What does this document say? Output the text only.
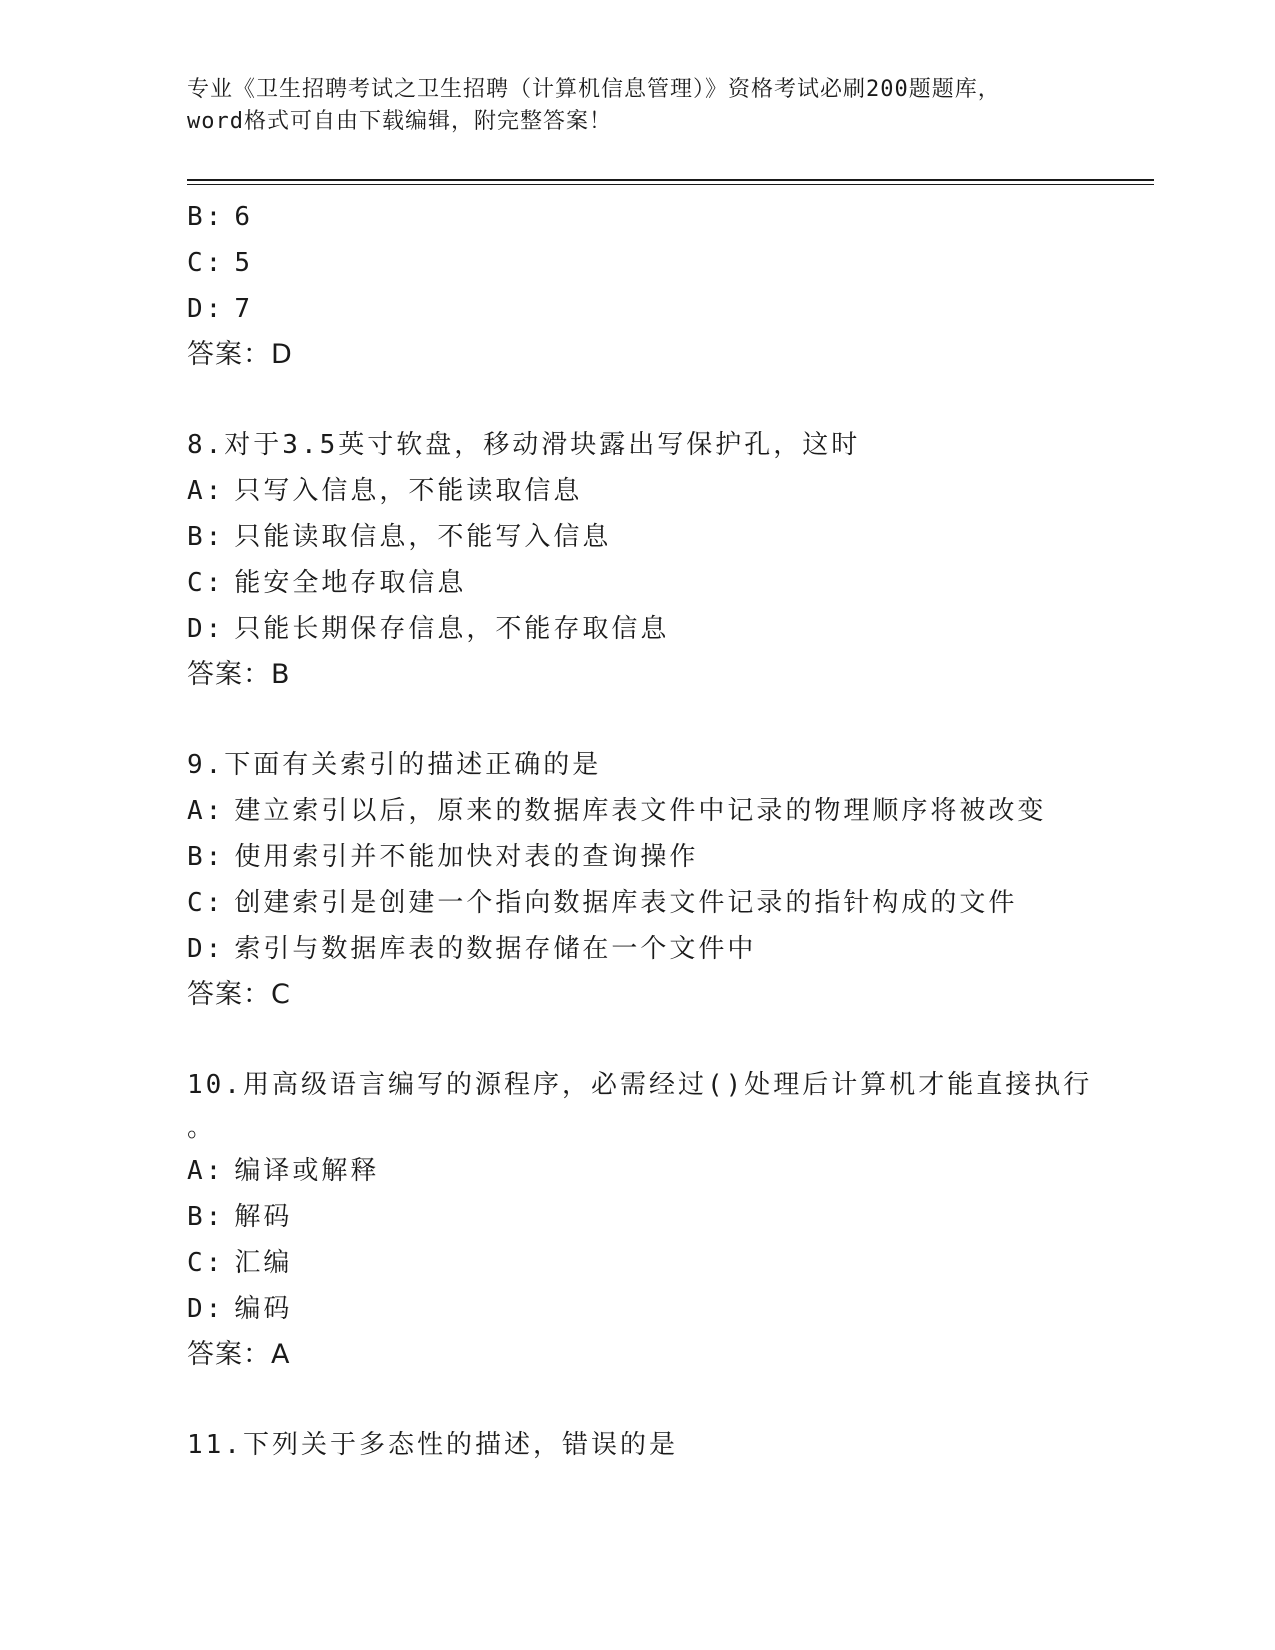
专业《卫生招聘考试之卫生招聘（计算机信息管理）》资格考试必刷200题题库，
word格式可自由下载编辑，附完整答案！
B: 6
C: 5
D: 7
答案：D
8.对于3.5英寸软盘，移动滑块露出写保护孔，这时
A: 只写入信息，不能读取信息
B: 只能读取信息，不能写入信息
C: 能安全地存取信息
D: 只能长期保存信息，不能存取信息
答案：B
9.下面有关索引的描述正确的是
A: 建立索引以后，原来的数据库表文件中记录的物理顺序将被改变
B: 使用索引并不能加快对表的查询操作
C: 创建索引是创建一个指向数据库表文件记录的指针构成的文件
D: 索引与数据库表的数据存储在一个文件中
答案：C
10.用高级语言编写的源程序，必需经过()处理后计算机才能直接执行
。
A: 编译或解释
B: 解码
C: 汇编
D: 编码
答案：A
11.下列关于多态性的描述，错误的是
